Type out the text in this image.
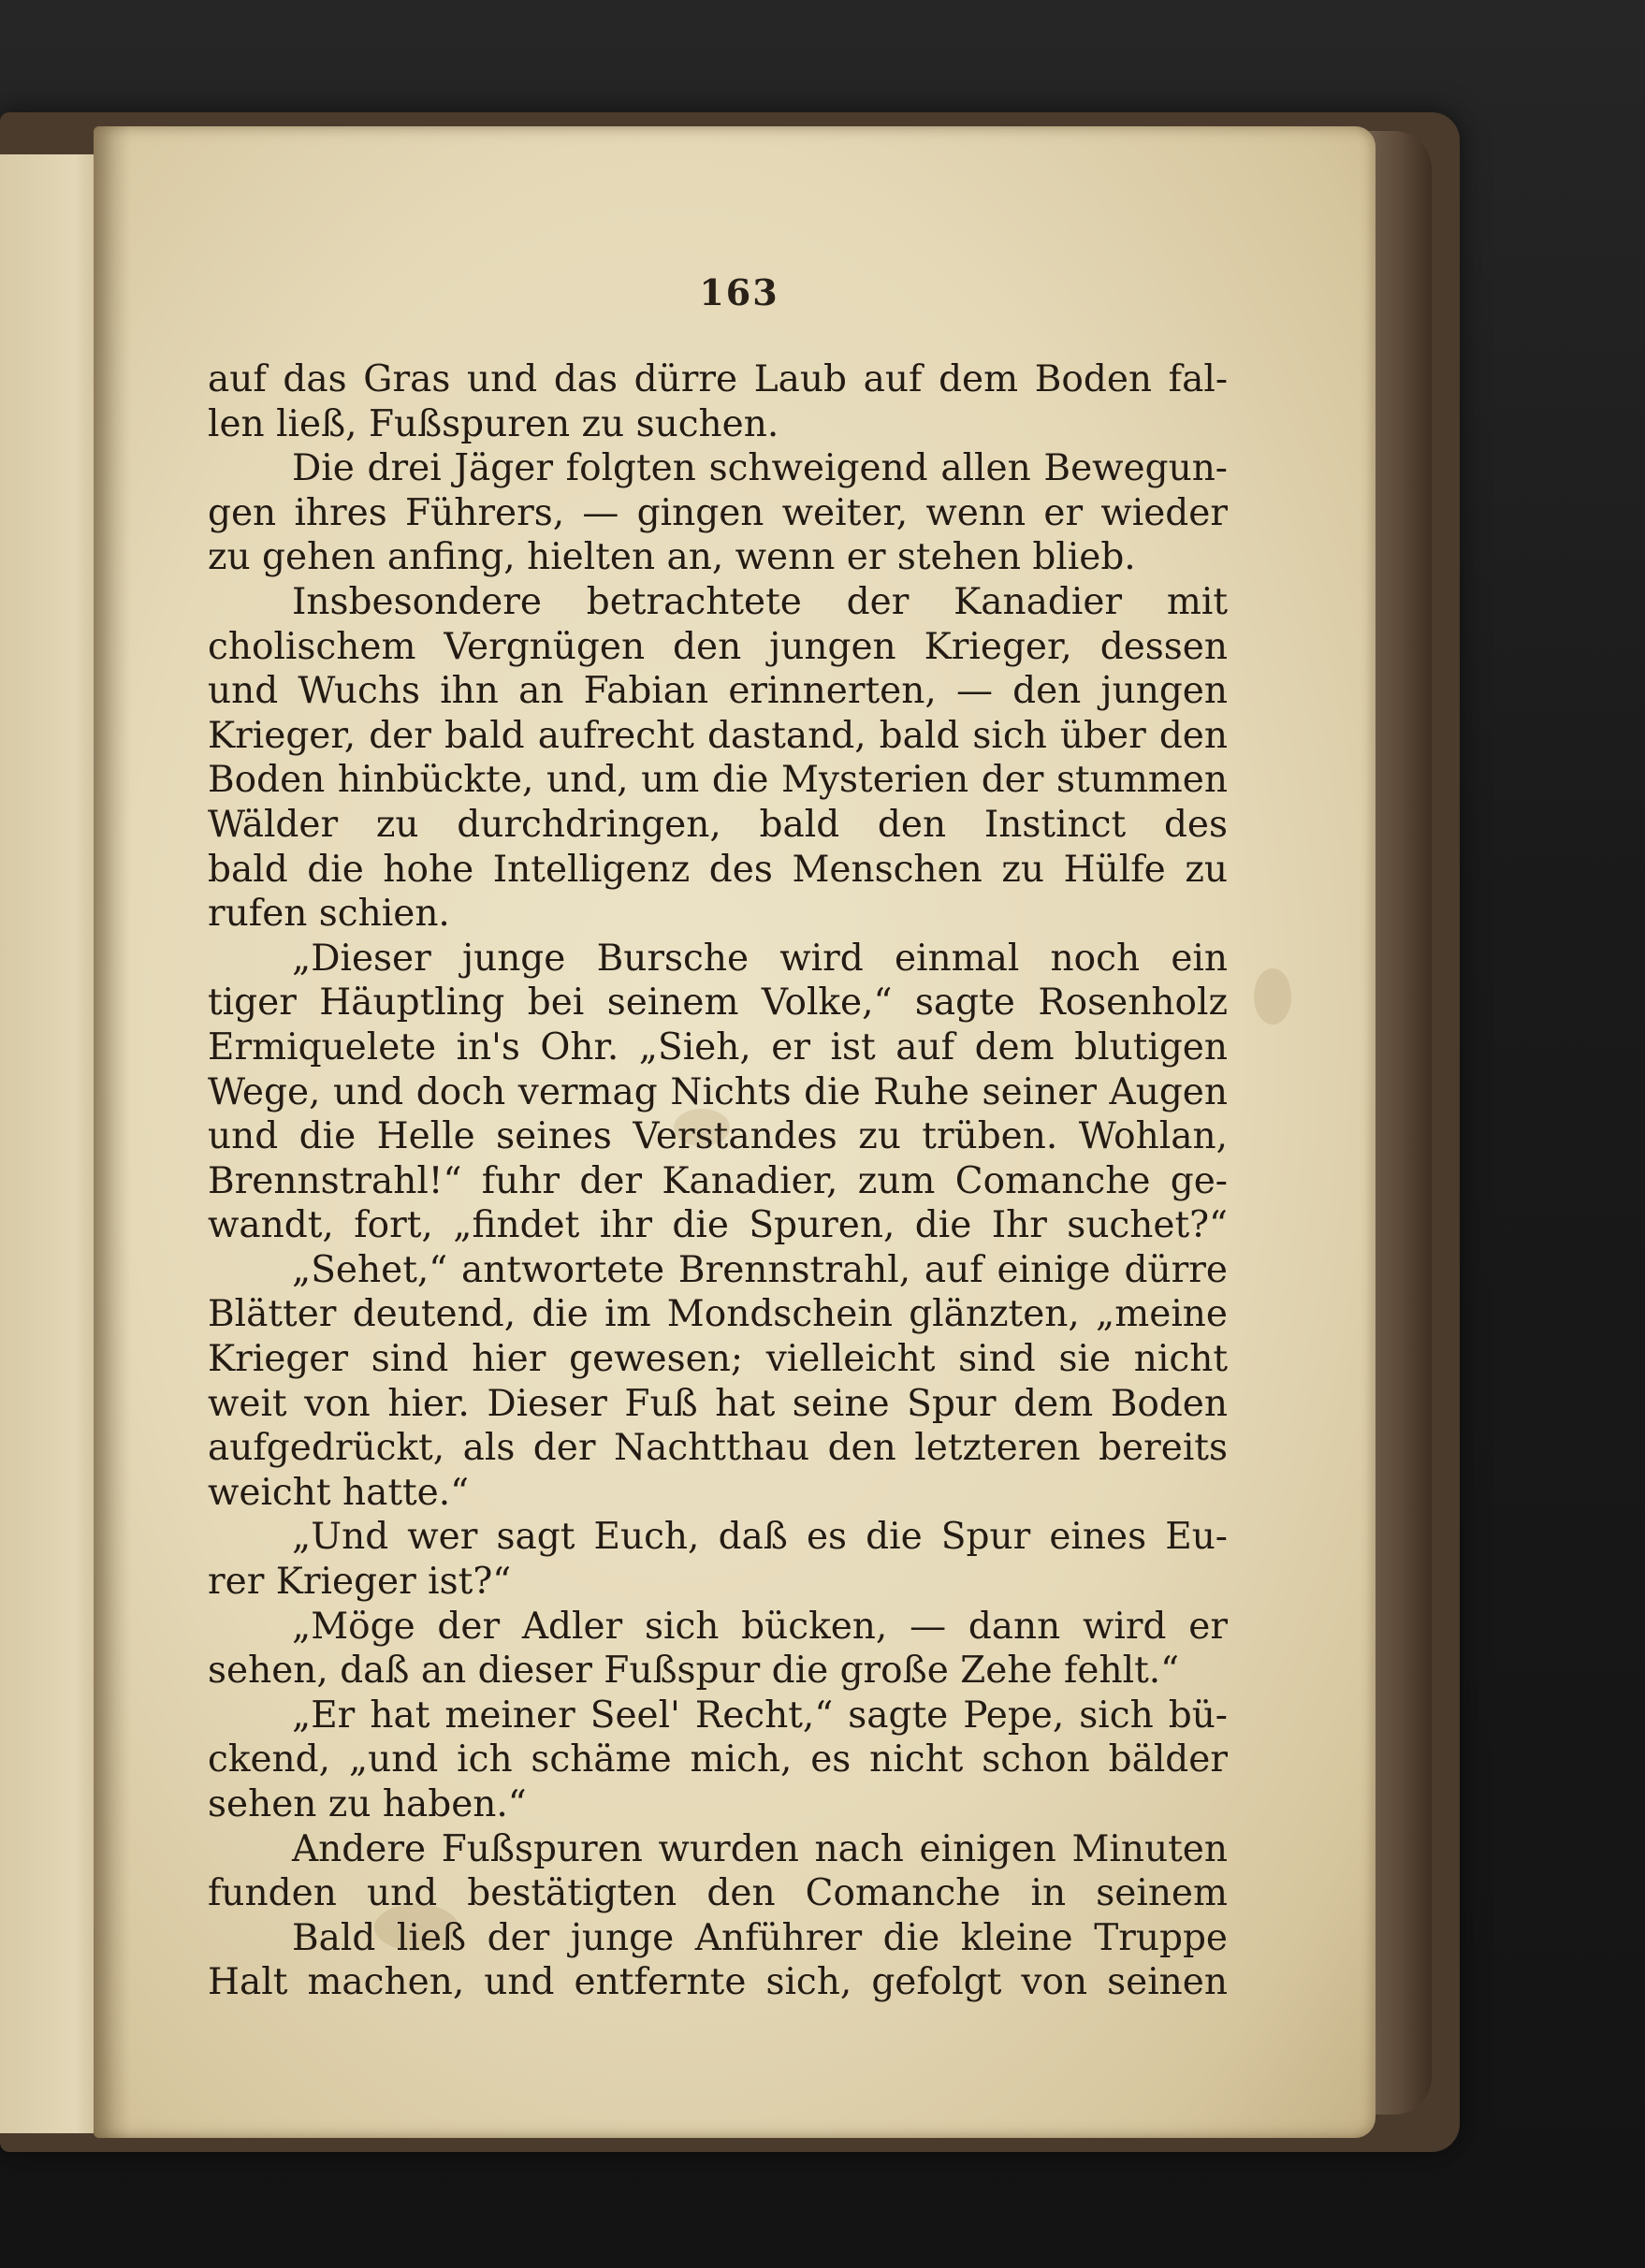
163
auf das Gras und das dürre Laub auf dem Boden fal-
len ließ, Fußspuren zu suchen.
Die drei Jäger folgten schweigend allen Bewegun-
gen ihres Führers, — gingen weiter, wenn er wieder
zu gehen anfing, hielten an, wenn er stehen blieb.
Insbesondere betrachtete der Kanadier mit
cholischem Vergnügen den jungen Krieger, dessen
und Wuchs ihn an Fabian erinnerten, — den jungen
Krieger, der bald aufrecht dastand, bald sich über den
Boden hinbückte, und, um die Mysterien der stummen
Wälder zu durchdringen, bald den Instinct des
bald die hohe Intelligenz des Menschen zu Hülfe zu
rufen schien.
„Dieser junge Bursche wird einmal noch ein
tiger Häuptling bei seinem Volke,“ sagte Rosenholz
Ermiquelete in's Ohr. „Sieh, er ist auf dem blutigen
Wege, und doch vermag Nichts die Ruhe seiner Augen
und die Helle seines Verstandes zu trüben. Wohlan,
Brennstrahl!“ fuhr der Kanadier, zum Comanche ge-
wandt, fort, „findet ihr die Spuren, die Ihr suchet?“
„Sehet,“ antwortete Brennstrahl, auf einige dürre
Blätter deutend, die im Mondschein glänzten, „meine
Krieger sind hier gewesen; vielleicht sind sie nicht
weit von hier. Dieser Fuß hat seine Spur dem Boden
aufgedrückt, als der Nachtthau den letzteren bereits
weicht hatte.“
„Und wer sagt Euch, daß es die Spur eines Eu-
rer Krieger ist?“
„Möge der Adler sich bücken, — dann wird er
sehen, daß an dieser Fußspur die große Zehe fehlt.“
„Er hat meiner Seel' Recht,“ sagte Pepe, sich bü-
ckend, „und ich schäme mich, es nicht schon bälder
sehen zu haben.“
Andere Fußspuren wurden nach einigen Minuten
funden und bestätigten den Comanche in seinem
Bald ließ der junge Anführer die kleine Truppe
Halt machen, und entfernte sich, gefolgt von seinen
